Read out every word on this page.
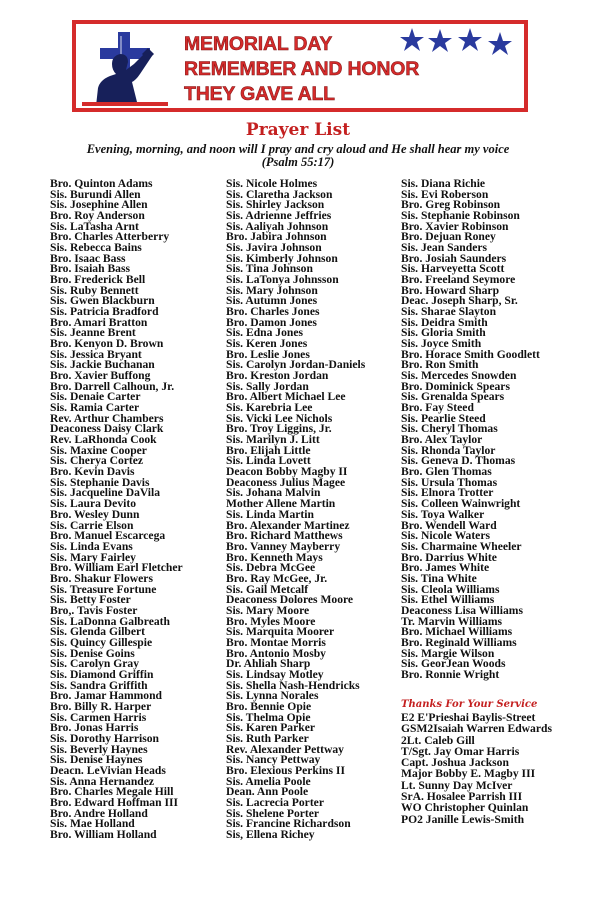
MEMORIAL DAY
REMEMBER AND HONOR
THEY GAVE ALL
Prayer List
Evening, morning, and noon will I pray and cry aloud and He shall hear my voice
(Psalm 55:17)
Bro. Quinton Adams
Sis. Burundi Allen
Sis. Josephine Allen
Bro. Roy Anderson
Sis. LaTasha Arnt
Bro. Charles Atterberry
Sis. Rebecca Bains
Bro. Isaac Bass
Bro. Isaiah Bass
Bro. Frederick Bell
Sis. Ruby Bennett
Sis. Gwen Blackburn
Sis. Patricia Bradford
Bro. Amari Bratton
Sis. Jeanne Brent
Bro. Kenyon D. Brown
Sis. Jessica Bryant
Sis. Jackie Buchanan
Bro. Xavier Buffong
Bro. Darrell Calhoun, Jr.
Sis. Denaie Carter
Sis. Ramia Carter
Rev. Arthur Chambers
Deaconess Daisy Clark
Rev. LaRhonda Cook
Sis. Maxine Cooper
Sis. Cherya Cortez
Bro. Kevin Davis
Sis. Stephanie Davis
Sis. Jacqueline DaVila
Sis. Laura Devito
Bro. Wesley Dunn
Sis. Carrie Elson
Bro. Manuel Escarcega
Sis. Linda Evans
Sis. Mary Fairley
Bro. William Earl Fletcher
Bro. Shakur Flowers
Sis. Treasure Fortune
Sis. Betty Foster
Bro,. Tavis Foster
Sis. LaDonna Galbreath
Sis. Glenda Gilbert
Sis. Quincy Gillespie
Sis. Denise Goins
Sis. Carolyn Gray
Sis. Diamond Griffin
Sis. Sandra Griffith
Bro. Jamar Hammond
Bro. Billy R. Harper
Sis. Carmen Harris
Bro. Jonas Harris
Sis. Dorothy Harrison
Sis. Beverly Haynes
Sis. Denise Haynes
Deacn. LeVivian Heads
Sis. Anna Hernandez
Bro. Charles Megale Hill
Bro. Edward Hoffman III
Bro. Andre Holland
Sis. Mae Holland
Bro. William Holland
Sis. Nicole Holmes
Sis. Claretha Jackson
Sis. Shirley Jackson
Sis. Adrienne Jeffries
Sis. Aaliyah Johnson
Bro. Jabira Johnson
Sis. Javira Johnson
Sis. Kimberly Johnson
Sis. Tina Johnson
Sis. LaTonya Johnsson
Sis. Mary Johnson
Sis. Autumn Jones
Bro. Charles Jones
Bro. Damon Jones
Sis. Edna Jones
Sis. Keren Jones
Bro. Leslie Jones
Sis. Carolyn Jordan-Daniels
Bro. Kreston Jordan
Sis. Sally Jordan
Bro. Albert Michael Lee
Sis. Karebria Lee
Sis. Vicki Lee Nichols
Bro. Troy Liggins, Jr.
Sis. Marilyn J. Litt
Bro. Elijah Little
Sis. Linda Lovett
Deacon Bobby Magby II
Deaconess Julius Magee
Sis. Johana Malvin
Mother Allene Martin
Sis. Linda Martin
Bro. Alexander Martinez
Bro. Richard Matthews
Bro. Vanney Mayberry
Bro. Kenneth Mays
Sis. Debra McGee
Bro. Ray McGee, Jr.
Sis. Gail Metcalf
Deaconess Dolores Moore
Sis. Mary Moore
Bro. Myles Moore
Sis. Marquita Moorer
Bro. Montae Morris
Bro. Antonio Mosby
Dr. Ahliah Sharp
Sis. Lindsay Motley
Sis. Shella Nash-Hendricks
Sis. Lynna Norales
Bro. Bennie Opie
Sis. Thelma Opie
Sis. Karen Parker
Sis. Ruth Parker
Rev. Alexander Pettway
Sis. Nancy Pettway
Bro. Elexious Perkins II
Sis. Amelia Poole
Dean. Ann Poole
Sis. Lacrecia Porter
Sis. Shelene Porter
Sis. Francine Richardson
Sis, Ellena Richey
Sis. Diana Richie
Sis. Evi Roberson
Bro. Greg Robinson
Sis. Stephanie Robinson
Bro. Xavier Robinson
Bro. Dejuan Roney
Sis. Jean Sanders
Bro. Josiah Saunders
Sis. Harveyetta Scott
Bro. Freeland Seymore
Bro. Howard Sharp
Deac. Joseph Sharp, Sr.
Sis. Sharae Slayton
Sis. Deidra Smith
Sis. Gloria Smith
Sis. Joyce Smith
Bro. Horace Smith Goodlett
Bro. Ron Smith
Sis. Mercedes Snowden
Bro. Dominick Spears
Sis. Grenalda Spears
Bro. Fay Steed
Sis. Pearlie Steed
Sis. Cheryl Thomas
Bro. Alex Taylor
Sis. Rhonda Taylor
Sis. Geneva D. Thomas
Bro. Glen Thomas
Sis. Ursula Thomas
Sis. Elnora Trotter
Sis. Colleen Wainwright
Sis. Toya Walker
Bro. Wendell Ward
Sis. Nicole Waters
Sis. Charmaine Wheeler
Bro. Darrius White
Bro. James White
Sis. Tina White
Sis. Cleola Williams
Sis. Ethel Williams
Deaconess Lisa Williams
Tr. Marvin Williams
Bro. Michael Williams
Bro. Reginald Williams
Sis. Margie Wilson
Sis. GeorJean Woods
Bro. Ronnie Wright
Thanks For Your Service
E2 E'Prieshai Baylis-Street
GSM2Isaiah Warren Edwards
2Lt. Caleb Gill
T/Sgt. Jay Omar Harris
Capt. Joshua Jackson
Major Bobby E. Magby III
Lt. Sunny Day McIver
SrA. Hosalee Parrish III
WO Christopher Quinlan
PO2 Janille Lewis-Smith
